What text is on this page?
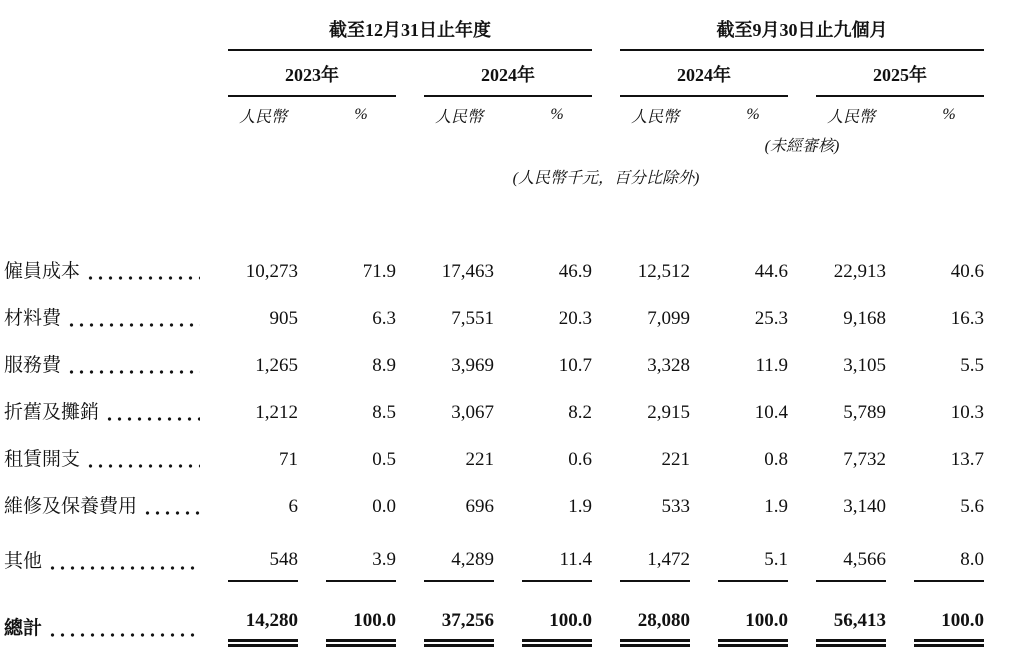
	截至12月31日止年度				截至9月30日止九個月			
	2023年		2024年		2024年		2025年	
	人民幣	%	人民幣	%	人民幣	%	人民幣	%
					(未經審核)			
	(人民幣千元，百分比除外)							

僱員成本	10,273	71.9	17,463	46.9	12,512	44.6	22,913	40.6

材料費	905	6.3	7,551	20.3	7,099	25.3	9,168	16.3

服務費	1,265	8.9	3,969	10.7	3,328	11.9	3,105	5.5

折舊及攤銷	1,212	8.5	3,067	8.2	2,915	10.4	5,789	10.3

租賃開支	71	0.5	221	0.6	221	0.8	7,732	13.7

維修及保養費用	6	0.0	696	1.9	533	1.9	3,140	5.6

其他	548	3.9	4,289	11.4	1,472	5.1	4,566	8.0

總計	14,280	100.0	37,256	100.0	28,080	100.0	56,413	100.0
